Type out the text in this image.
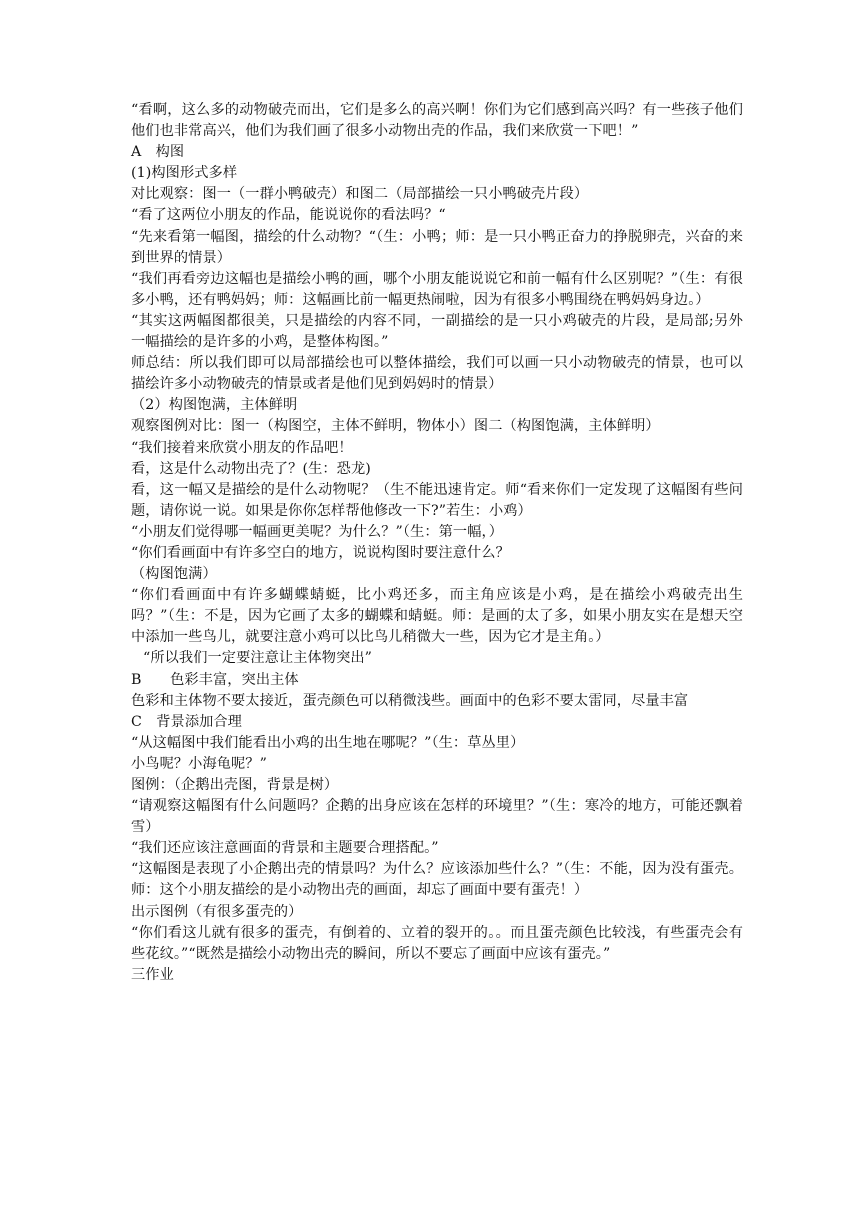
“看啊，这么多的动物破壳而出，它们是多么的高兴啊！你们为它们感到高兴吗？有一些孩子他们他们也非常高兴，他们为我们画了很多小动物出壳的作品，我们来欣赏一下吧！”

A　构图

(1)构图形式多样

对比观察：图一（一群小鸭破壳）和图二（局部描绘一只小鸭破壳片段）

“看了这两位小朋友的作品，能说说你的看法吗？“

“先来看第一幅图，描绘的什么动物？“（生：小鸭；师：是一只小鸭正奋力的挣脱卵壳，兴奋的来到世界的情景）

“我们再看旁边这幅也是描绘小鸭的画，哪个小朋友能说说它和前一幅有什么区别呢？”（生：有很多小鸭，还有鸭妈妈；师：这幅画比前一幅更热闹啦，因为有很多小鸭围绕在鸭妈妈身边。）

“其实这两幅图都很美，只是描绘的内容不同，一副描绘的是一只小鸡破壳的片段，是局部;另外一幅描绘的是许多的小鸡，是整体构图。”

师总结：所以我们即可以局部描绘也可以整体描绘，我们可以画一只小动物破壳的情景，也可以描绘许多小动物破壳的情景或者是他们见到妈妈时的情景）

（2）构图饱满，主体鲜明

观察图例对比：图一（构图空，主体不鲜明，物体小）图二（构图饱满，主体鲜明）

“我们接着来欣赏小朋友的作品吧！

看，这是什么动物出壳了？(生：恐龙)

看，这一幅又是描绘的是什么动物呢？（生不能迅速肯定。师“看来你们一定发现了这幅图有些问题，请你说一说。如果是你你怎样帮他修改一下?”若生：小鸡）

“小朋友们觉得哪一幅画更美呢？为什么？”（生：第一幅，）

“你们看画面中有许多空白的地方，说说构图时要注意什么？

（构图饱满）

“你们看画面中有许多蝴蝶蜻蜓，比小鸡还多，而主角应该是小鸡，是在描绘小鸡破壳出生吗？”（生：不是，因为它画了太多的蝴蝶和蜻蜓。师：是画的太了多，如果小朋友实在是想天空中添加一些鸟儿，就要注意小鸡可以比鸟儿稍微大一些，因为它才是主角。）

“所以我们一定要注意让主体物突出”

B　　色彩丰富，突出主体

色彩和主体物不要太接近，蛋壳颜色可以稍微浅些。画面中的色彩不要太雷同，尽量丰富

C　背景添加合理

“从这幅图中我们能看出小鸡的出生地在哪呢？”（生：草丛里）

小鸟呢？小海龟呢？”

图例：（企鹅出壳图，背景是树）

“请观察这幅图有什么问题吗？企鹅的出身应该在怎样的环境里？”（生：寒冷的地方，可能还飘着雪）

“我们还应该注意画面的背景和主题要合理搭配。”

“这幅图是表现了小企鹅出壳的情景吗？为什么？应该添加些什么？”（生：不能，因为没有蛋壳。师：这个小朋友描绘的是小动物出壳的画面，却忘了画面中要有蛋壳！）

出示图例（有很多蛋壳的）

“你们看这儿就有很多的蛋壳，有倒着的、立着的裂开的。。而且蛋壳颜色比较浅，有些蛋壳会有些花纹。”“既然是描绘小动物出壳的瞬间，所以不要忘了画面中应该有蛋壳。”

三作业
